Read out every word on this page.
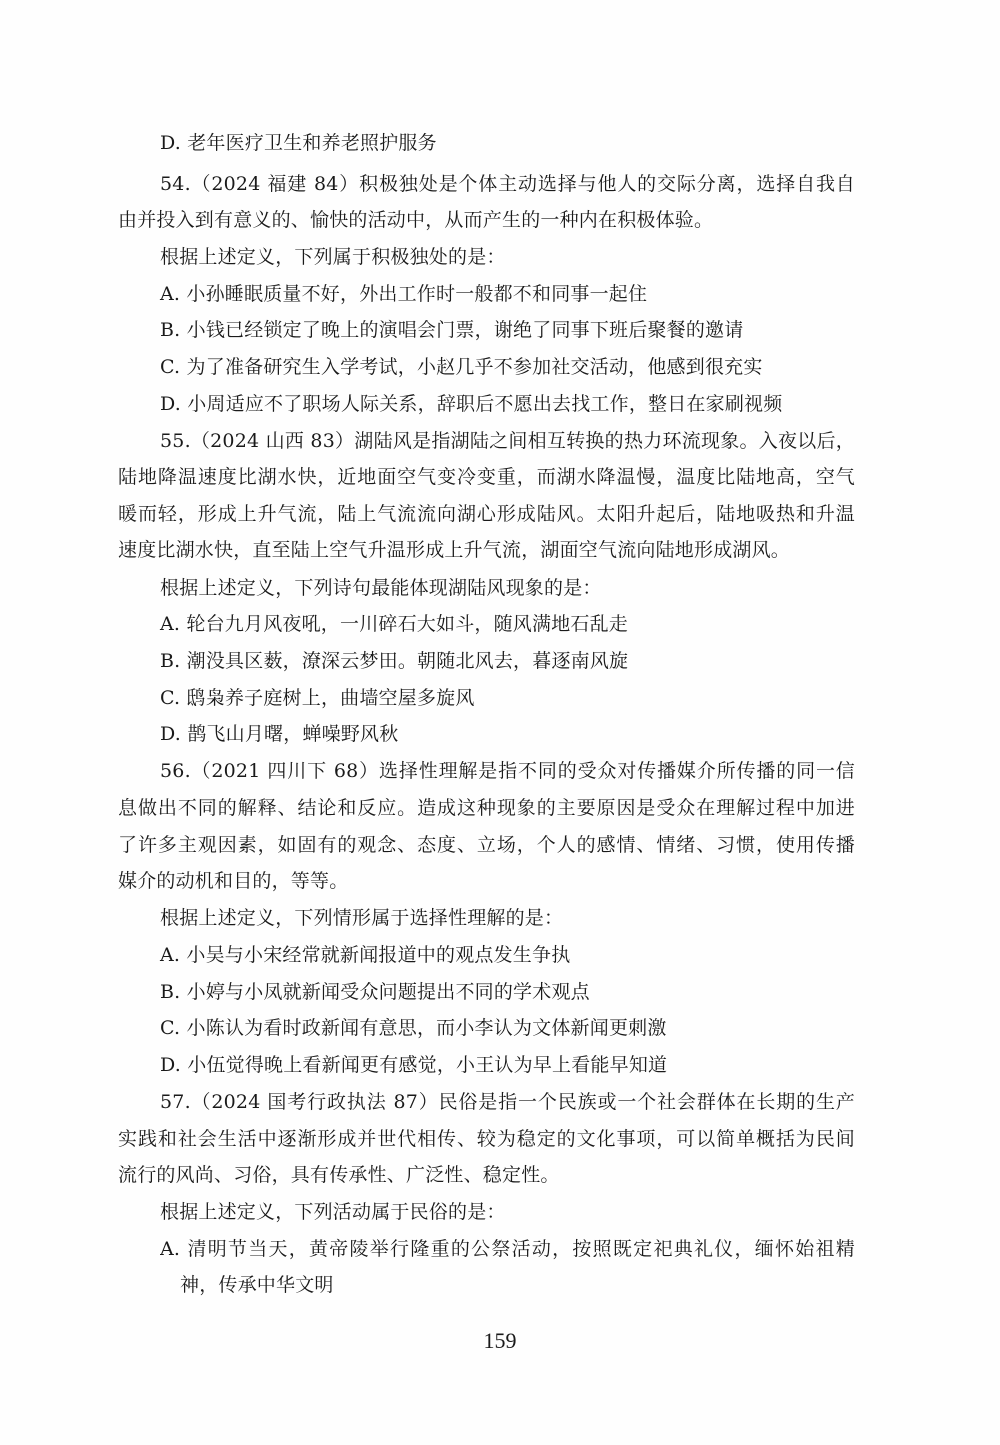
D. 老年医疗卫生和养老照护服务
54.（2024 福建 84）积极独处是个体主动选择与他人的交际分离，选择自我自
由并投入到有意义的、愉快的活动中，从而产生的一种内在积极体验。
根据上述定义，下列属于积极独处的是：
A. 小孙睡眠质量不好，外出工作时一般都不和同事一起住
B. 小钱已经锁定了晚上的演唱会门票，谢绝了同事下班后聚餐的邀请
C. 为了准备研究生入学考试，小赵几乎不参加社交活动，他感到很充实
D. 小周适应不了职场人际关系，辞职后不愿出去找工作，整日在家刷视频
55.（2024 山西 83）湖陆风是指湖陆之间相互转换的热力环流现象。入夜以后，
陆地降温速度比湖水快，近地面空气变冷变重，而湖水降温慢，温度比陆地高，空气
暖而轻，形成上升气流，陆上气流流向湖心形成陆风。太阳升起后，陆地吸热和升温
速度比湖水快，直至陆上空气升温形成上升气流，湖面空气流向陆地形成湖风。
根据上述定义，下列诗句最能体现湖陆风现象的是：
A. 轮台九月风夜吼，一川碎石大如斗，随风满地石乱走
B. 潮没具区薮，潦深云梦田。朝随北风去，暮逐南风旋
C. 鸱枭养子庭树上，曲墙空屋多旋风
D. 鹊飞山月曙，蝉噪野风秋
56.（2021 四川下 68）选择性理解是指不同的受众对传播媒介所传播的同一信
息做出不同的解释、结论和反应。造成这种现象的主要原因是受众在理解过程中加进
了许多主观因素，如固有的观念、态度、立场，个人的感情、情绪、习惯，使用传播
媒介的动机和目的，等等。
根据上述定义，下列情形属于选择性理解的是：
A. 小吴与小宋经常就新闻报道中的观点发生争执
B. 小婷与小凤就新闻受众问题提出不同的学术观点
C. 小陈认为看时政新闻有意思，而小李认为文体新闻更刺激
D. 小伍觉得晚上看新闻更有感觉，小王认为早上看能早知道
57.（2024 国考行政执法 87）民俗是指一个民族或一个社会群体在长期的生产
实践和社会生活中逐渐形成并世代相传、较为稳定的文化事项，可以简单概括为民间
流行的风尚、习俗，具有传承性、广泛性、稳定性。
根据上述定义，下列活动属于民俗的是：
A. 清明节当天，黄帝陵举行隆重的公祭活动，按照既定祀典礼仪，缅怀始祖精
神，传承中华文明
159
